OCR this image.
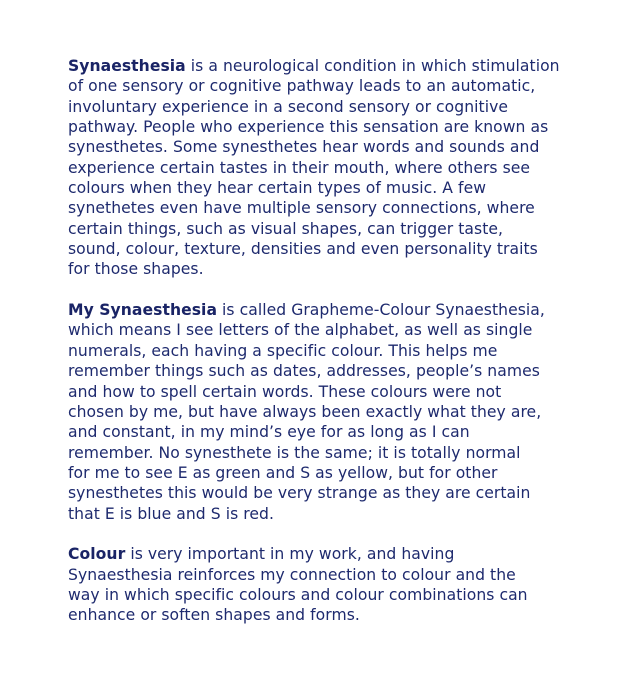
Synaesthesia is a neurological condition in which stimulation
of one sensory or cognitive pathway leads to an automatic,
involuntary experience in a second sensory or cognitive
pathway. People who experience this sensation are known as
synesthetes. Some synesthetes hear words and sounds and
experience certain tastes in their mouth, where others see
colours when they hear certain types of music. A few
synethetes even have multiple sensory connections, where
certain things, such as visual shapes, can trigger taste,
sound, colour, texture, densities and even personality traits
for those shapes.

My Synaesthesia is called Grapheme-Colour Synaesthesia,
which means I see letters of the alphabet, as well as single
numerals, each having a specific colour. This helps me
remember things such as dates, addresses, people’s names
and how to spell certain words. These colours were not
chosen by me, but have always been exactly what they are,
and constant, in my mind’s eye for as long as I can
remember. No synesthete is the same; it is totally normal
for me to see E as green and S as yellow, but for other
synesthetes this would be very strange as they are certain
that E is blue and S is red.

Colour is very important in my work, and having
Synaesthesia reinforces my connection to colour and the
way in which specific colours and colour combinations can
enhance or soften shapes and forms.
